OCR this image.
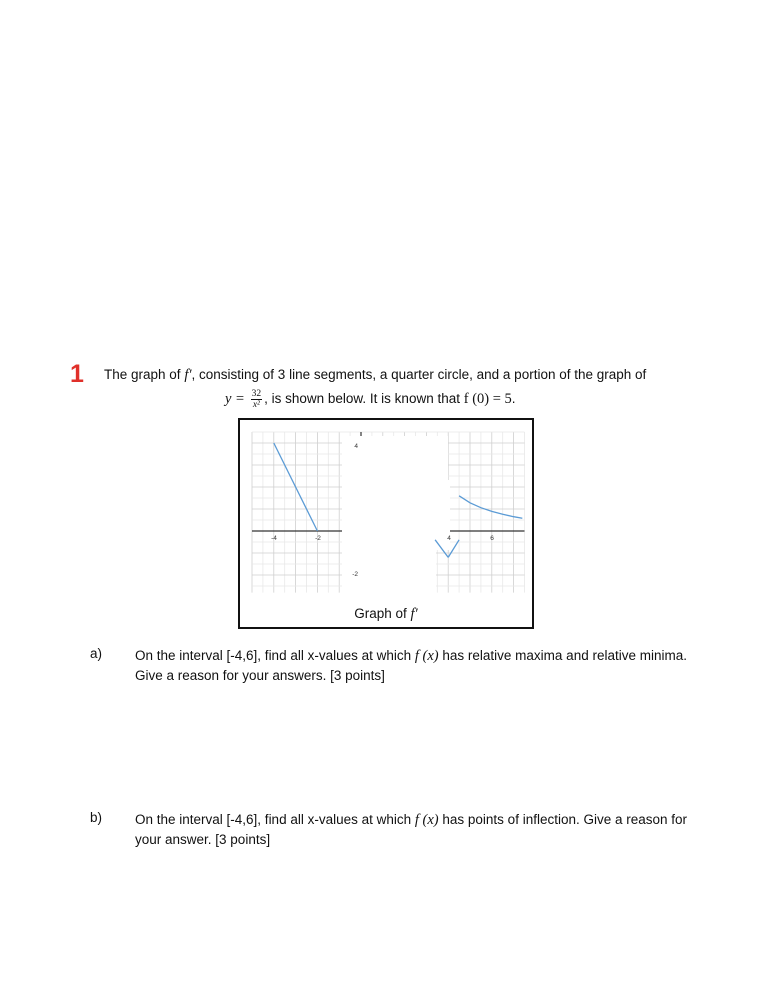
1 The graph of f′, consisting of 3 line segments, a quarter circle, and a portion of the graph of
$y = \frac{32}{\text{x²}}$ , is shown below. It is known that f (0) = 5.
-4	-2	4	6
4
-2
Graph of f′
a) On the interval [-4,6], find all x-values at which f (x) has relative maxima and relative minima. Give a reason for your answers. [3 points]
b) On the interval [-4,6], find all x-values at which f (x) has points of inflection. Give a reason for your answer. [3 points]
